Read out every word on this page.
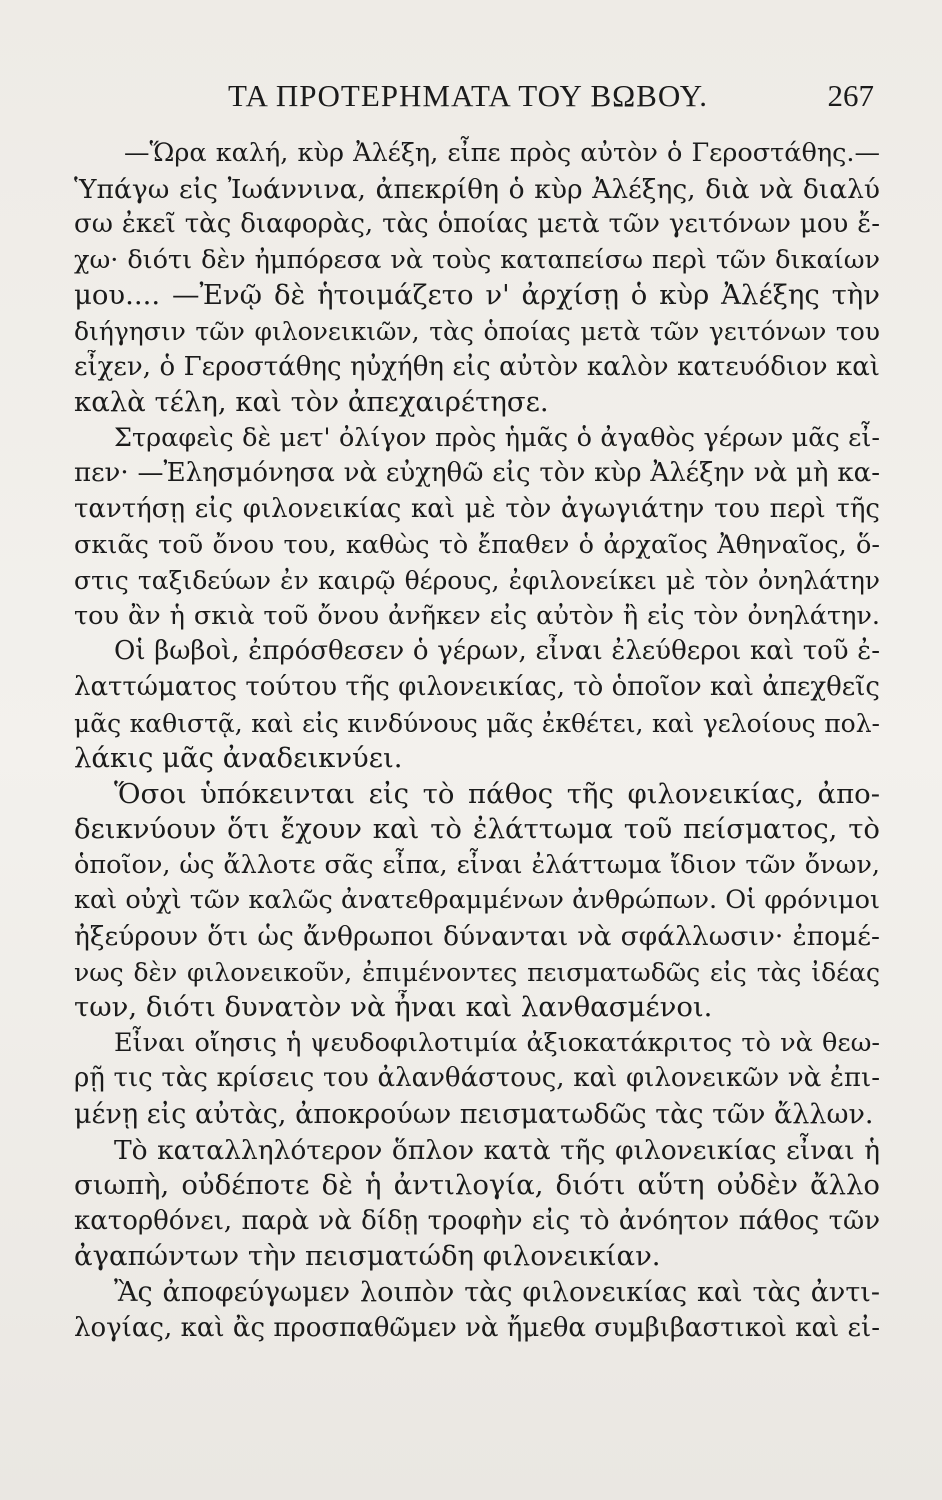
ΤΑ ΠΡΟΤΕΡΗΜΑΤΑ ΤΟΥ ΒΩΒΟΥ.	267
—Ὥρα καλή, κὺρ Ἀλέξη, εἶπε πρὸς αὐτὸν ὁ Γεροστάθης.—
Ὑπάγω εἰς Ἰωάννινα, ἀπεκρίθη ὁ κὺρ Ἀλέξης, διὰ νὰ διαλύ
σω ἐκεῖ τὰς διαφορὰς, τὰς ὁποίας μετὰ τῶν γειτόνων μου ἔ-
χω· διότι δὲν ἠμπόρεσα νὰ τοὺς καταπείσω περὶ τῶν δικαίων
μου.... —Ἐνῷ δὲ ἡτοιμάζετο ν' ἀρχίσῃ ὁ κὺρ Ἀλέξης τὴν
διήγησιν τῶν φιλονεικιῶν, τὰς ὁποίας μετὰ τῶν γειτόνων του
εἶχεν, ὁ Γεροστάθης ηὐχήθη εἰς αὐτὸν καλὸν κατευόδιον καὶ
καλὰ τέλη, καὶ τὸν ἀπεχαιρέτησε.
Στραφεὶς δὲ μετ' ὀλίγον πρὸς ἡμᾶς ὁ ἀγαθὸς γέρων μᾶς εἶ-
πεν· —Ἐλησμόνησα νὰ εὐχηθῶ εἰς τὸν κὺρ Ἀλέξην νὰ μὴ κα-
ταντήσῃ εἰς φιλονεικίας καὶ μὲ τὸν ἀγωγιάτην του περὶ τῆς
σκιᾶς τοῦ ὄνου του, καθὼς τὸ ἔπαθεν ὁ ἀρχαῖος Ἀθηναῖος, ὅ-
στις ταξιδεύων ἐν καιρῷ θέρους, ἐφιλονείκει μὲ τὸν ὀνηλάτην
του ἂν ἡ σκιὰ τοῦ ὄνου ἀνῆκεν εἰς αὐτὸν ἢ εἰς τὸν ὀνηλάτην.
Οἱ βωβοὶ, ἐπρόσθεσεν ὁ γέρων, εἶναι ἐλεύθεροι καὶ τοῦ ἐ-
λαττώματος τούτου τῆς φιλονεικίας, τὸ ὁποῖον καὶ ἀπεχθεῖς
μᾶς καθιστᾷ, καὶ εἰς κινδύνους μᾶς ἐκθέτει, καὶ γελοίους πολ-
λάκις μᾶς ἀναδεικνύει.
Ὅσοι ὑπόκεινται εἰς τὸ πάθος τῆς φιλονεικίας, ἀπο-
δεικνύουν ὅτι ἔχουν καὶ τὸ ἐλάττωμα τοῦ πείσματος, τὸ
ὁποῖον, ὡς ἄλλοτε σᾶς εἶπα, εἶναι ἐλάττωμα ἴδιον τῶν ὄνων,
καὶ οὐχὶ τῶν καλῶς ἀνατεθραμμένων ἀνθρώπων. Οἱ φρόνιμοι
ἠξεύρουν ὅτι ὡς ἄνθρωποι δύνανται νὰ σφάλλωσιν· ἐπομέ-
νως δὲν φιλονεικοῦν, ἐπιμένοντες πεισματωδῶς εἰς τὰς ἰδέας
των, διότι δυνατὸν νὰ ἦναι καὶ λανθασμένοι.
Εἶναι οἴησις ἡ ψευδοφιλοτιμία ἀξιοκατάκριτος τὸ νὰ θεω-
ρῇ τις τὰς κρίσεις του ἀλανθάστους, καὶ φιλονεικῶν νὰ ἐπι-
μένῃ εἰς αὐτὰς, ἀποκρούων πεισματωδῶς τὰς τῶν ἄλλων.
Τὸ καταλληλότερον ὅπλον κατὰ τῆς φιλονεικίας εἶναι ἡ
σιωπὴ, οὐδέποτε δὲ ἡ ἀντιλογία, διότι αὕτη οὐδὲν ἄλλο
κατορθόνει, παρὰ νὰ δίδῃ τροφὴν εἰς τὸ ἀνόητον πάθος τῶν
ἀγαπώντων τὴν πεισματώδη φιλονεικίαν.
Ἂς ἀποφεύγωμεν λοιπὸν τὰς φιλονεικίας καὶ τὰς ἀντι-
λογίας, καὶ ἂς προσπαθῶμεν νὰ ἤμεθα συμβιβαστικοὶ καὶ εἰ-
